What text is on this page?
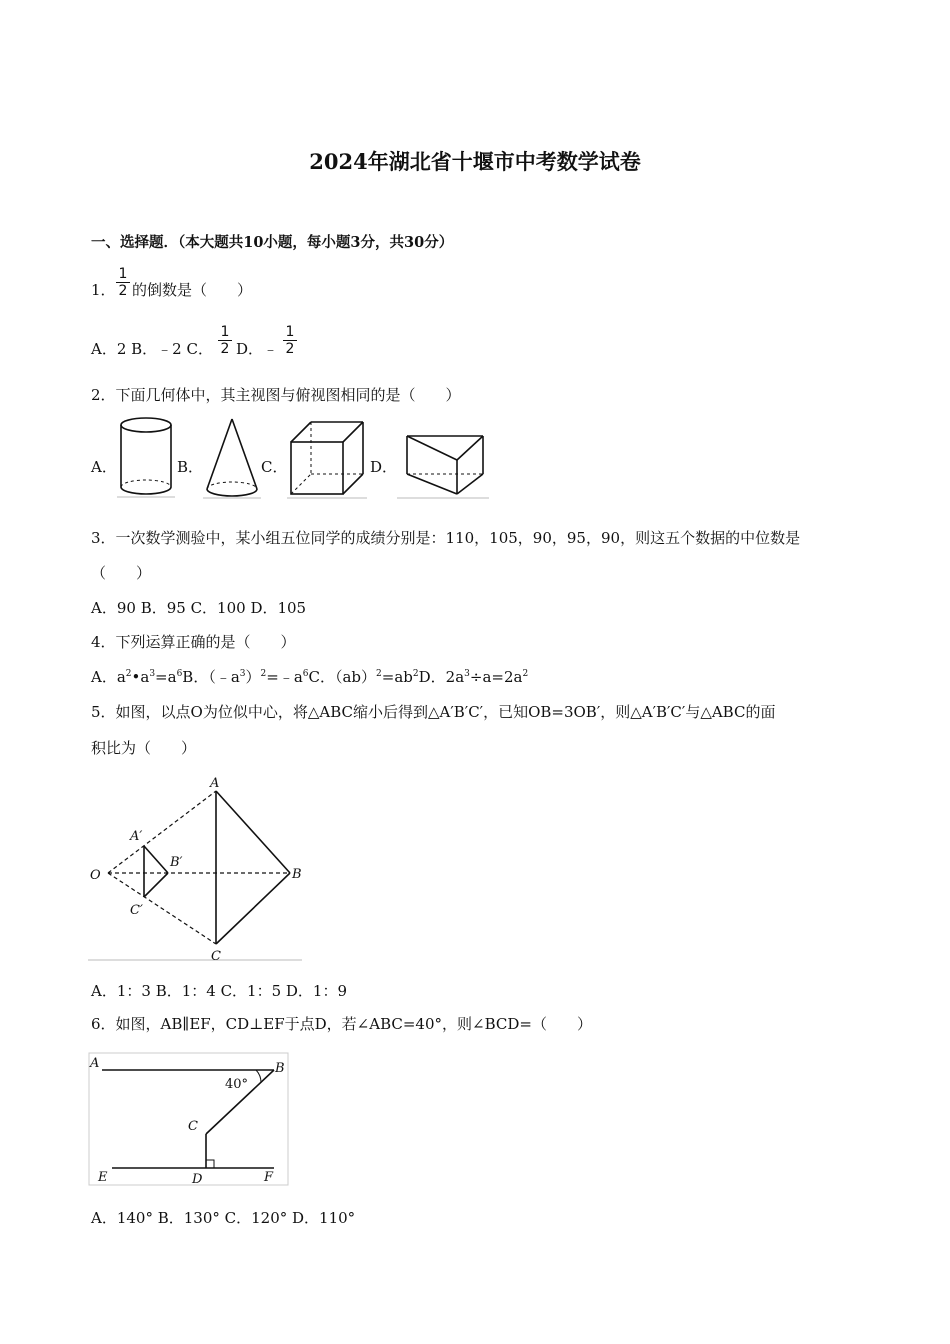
2024年湖北省十堰市中考数学试卷
一、选择题．（本大题共10小题，每小题3分，共30分）
1． $\frac{1}{2}$ 的倒数是（　　）
A．2 B．﹣2 C． $\frac{1}{2}$ D．﹣ $\frac{1}{2}$
2．下面几何体中，其主视图与俯视图相同的是（　　）
A．	B．	C．	D．
3．一次数学测验中，某小组五位同学的成绩分别是：110，105，90，95，90，则这五个数据的中位数是
（　　）
A．90 B．95 C．100 D．105
4．下列运算正确的是（　　）
A．$a^2•a^3=a^6B$．$(﹣a^3)^2=﹣a^6C$．$(ab)^2=ab^2D$．$2a^3\div a=2a^2$
5．如图，以点O为位似中心，将△ABC缩小后得到△A′B′C′，已知OB=3OB′，则△A′B′C′与△ABC的面
积比为（　　）
A
A′
B′
O	B
C′
C
A．1：3 B．1：4 C．1：5 D．1：9
6．如图，AB∥EF，CD⊥EF于点D，若∠ABC=40°，则∠BCD=（　　）
A	B
40°
C
D
E	F
A．140° B．130° C．120° D．110°
